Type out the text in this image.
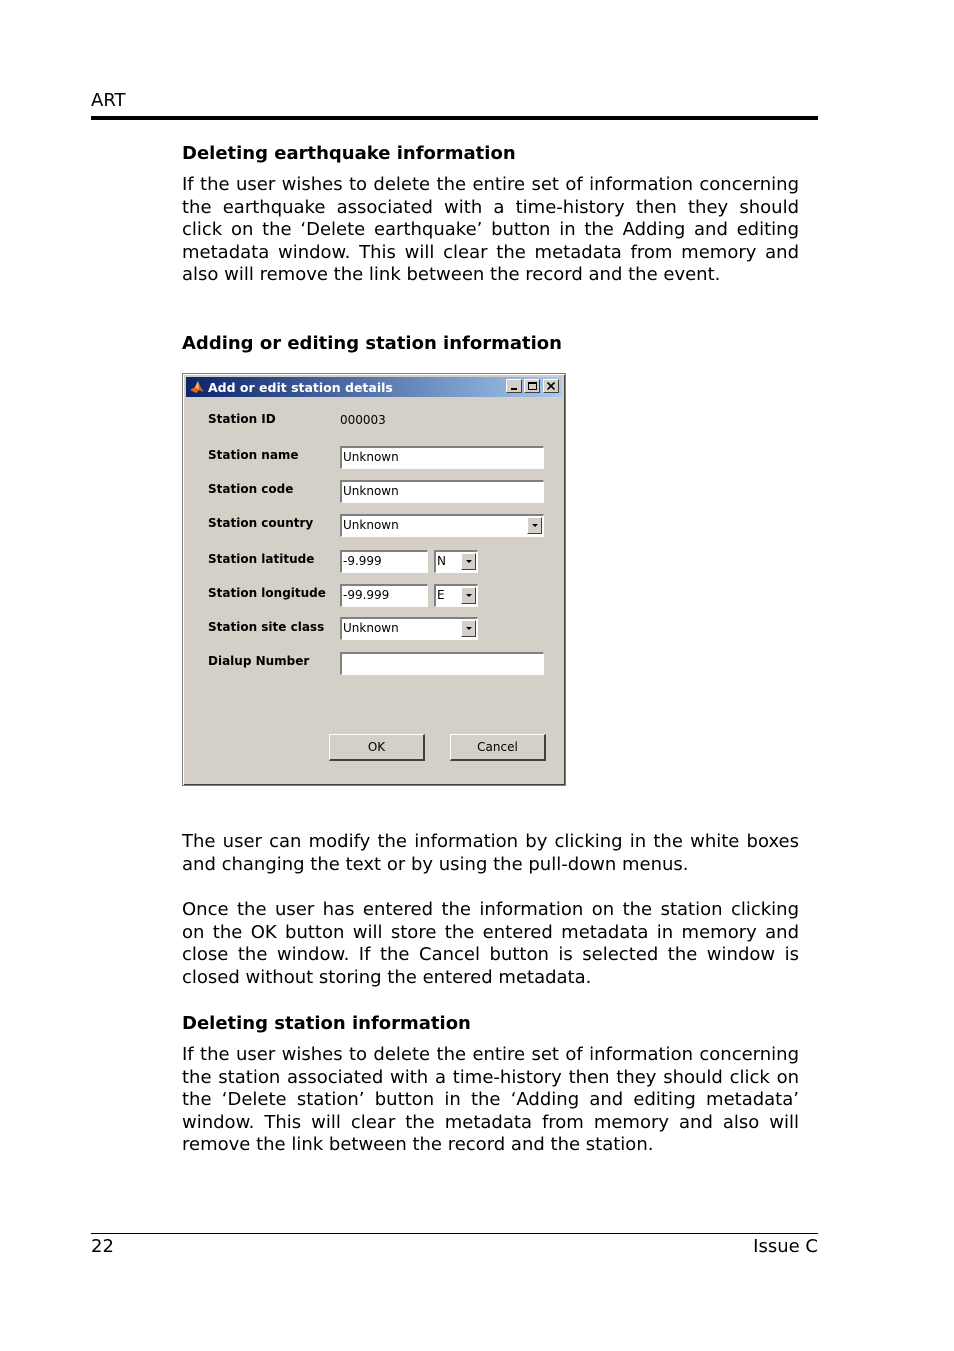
ART
Deleting earthquake information

If the user wishes to delete the entire set of information concerning the earthquake associated with a time-history then they should click on the ‘Delete earthquake’ button in the Adding and editing metadata window. This will clear the metadata from memory and also will remove the link between the record and the event.

Adding or editing station information
Add or edit station details
Station ID	000003
Station name	Unknown
Station code	Unknown
Station country Unknown
Station latitude -9.999	N
Station longitude -99.999	E
Station site class Unknown
Dialup Number
OK	Cancel

The user can modify the information by clicking in the white boxes and changing the text or by using the pull-down menus.

Once the user has entered the information on the station clicking on the OK button will store the entered metadata in memory and close the window. If the Cancel button is selected the window is closed without storing the entered metadata.

Deleting station information

If the user wishes to delete the entire set of information concerning the station associated with a time-history then they should click on the ‘Delete station’ button in the ‘Adding and editing metadata’ window. This will clear the metadata from memory and also will remove the link between the record and the station.

22	Issue C
